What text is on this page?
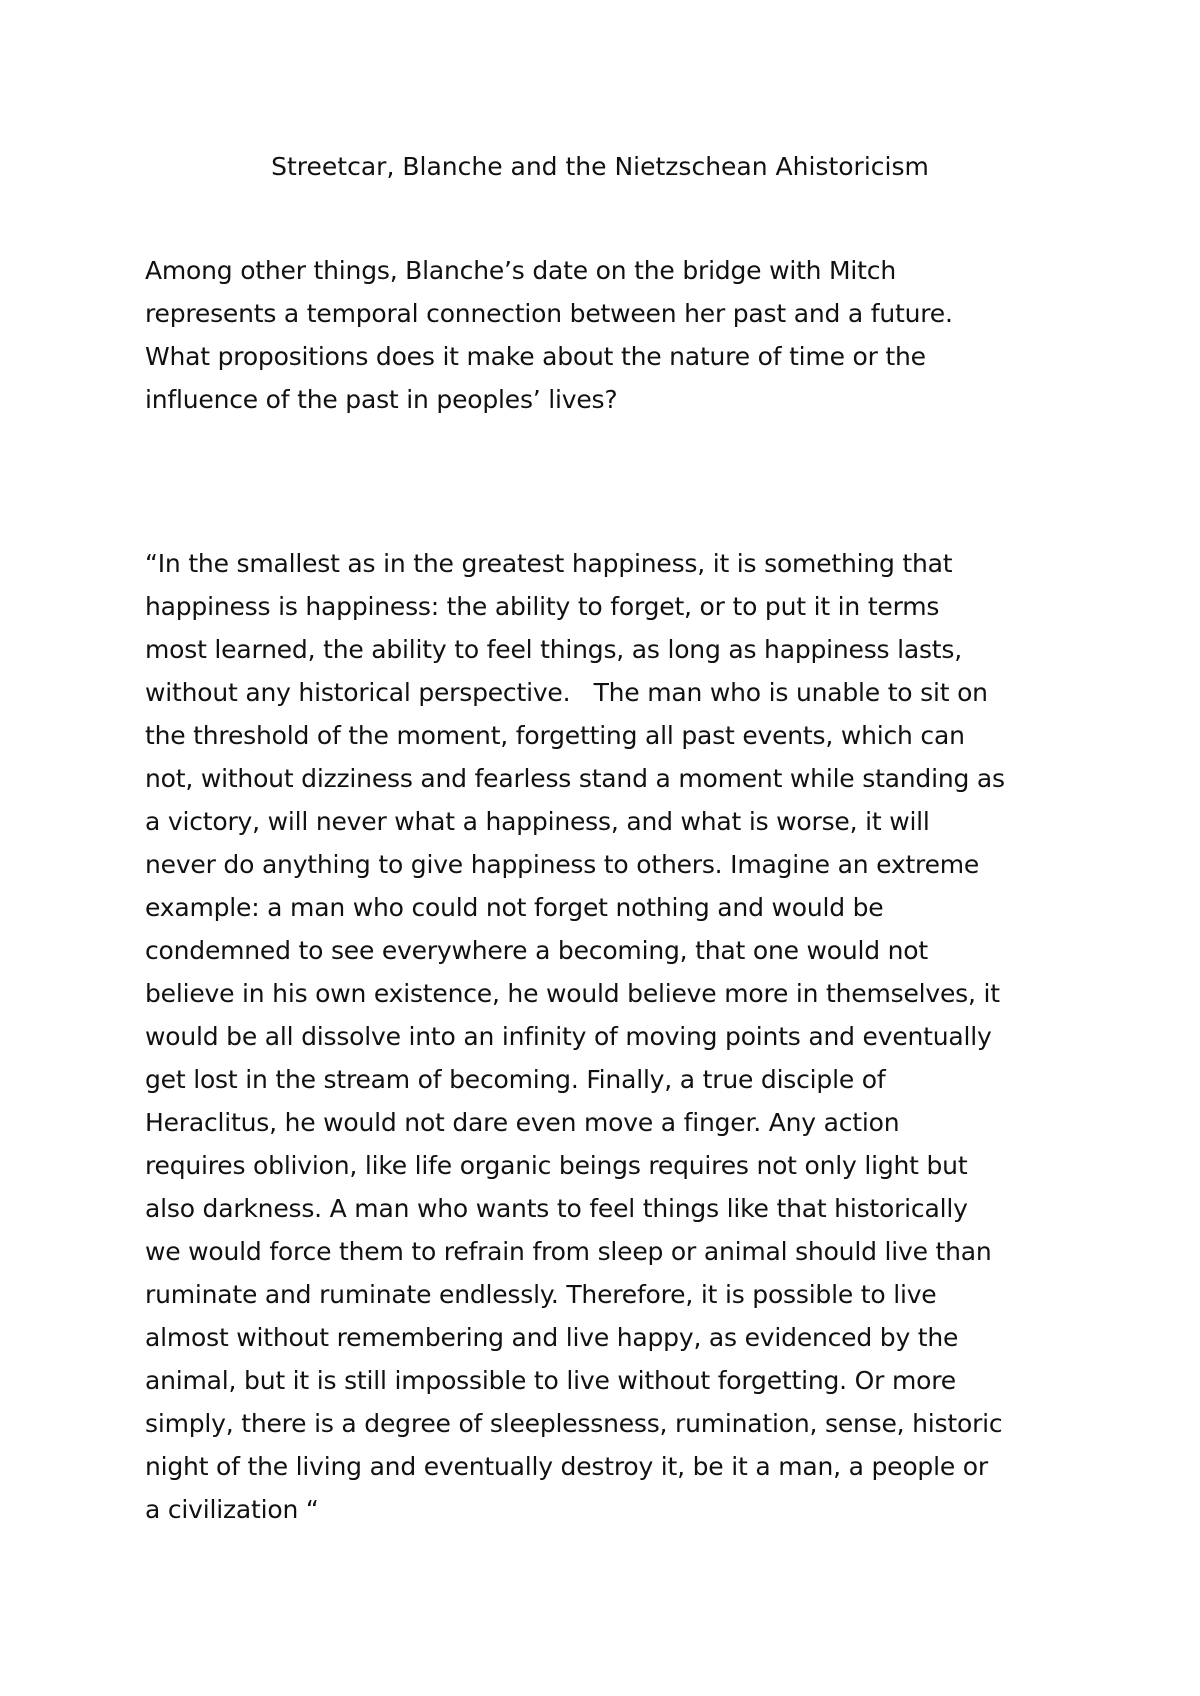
Streetcar, Blanche and the Nietzschean Ahistoricism
Among other things, Blanche’s date on the bridge with Mitch
represents a temporal connection between her past and a future.
What propositions does it make about the nature of time or the
influence of the past in peoples’ lives?
“In the smallest as in the greatest happiness, it is something that
happiness is happiness: the ability to forget, or to put it in terms
most learned, the ability to feel things, as long as happiness lasts,
without any historical perspective.   The man who is unable to sit on
the threshold of the moment, forgetting all past events, which can
not, without dizziness and fearless stand a moment while standing as
a victory, will never what a happiness, and what is worse, it will
never do anything to give happiness to others. Imagine an extreme
example: a man who could not forget nothing and would be
condemned to see everywhere a becoming, that one would not
believe in his own existence, he would believe more in themselves, it
would be all dissolve into an infinity of moving points and eventually
get lost in the stream of becoming. Finally, a true disciple of
Heraclitus, he would not dare even move a finger. Any action
requires oblivion, like life organic beings requires not only light but
also darkness. A man who wants to feel things like that historically
we would force them to refrain from sleep or animal should live than
ruminate and ruminate endlessly. Therefore, it is possible to live
almost without remembering and live happy, as evidenced by the
animal, but it is still impossible to live without forgetting. Or more
simply, there is a degree of sleeplessness, rumination, sense, historic
night of the living and eventually destroy it, be it a man, a people or
a civilization “
